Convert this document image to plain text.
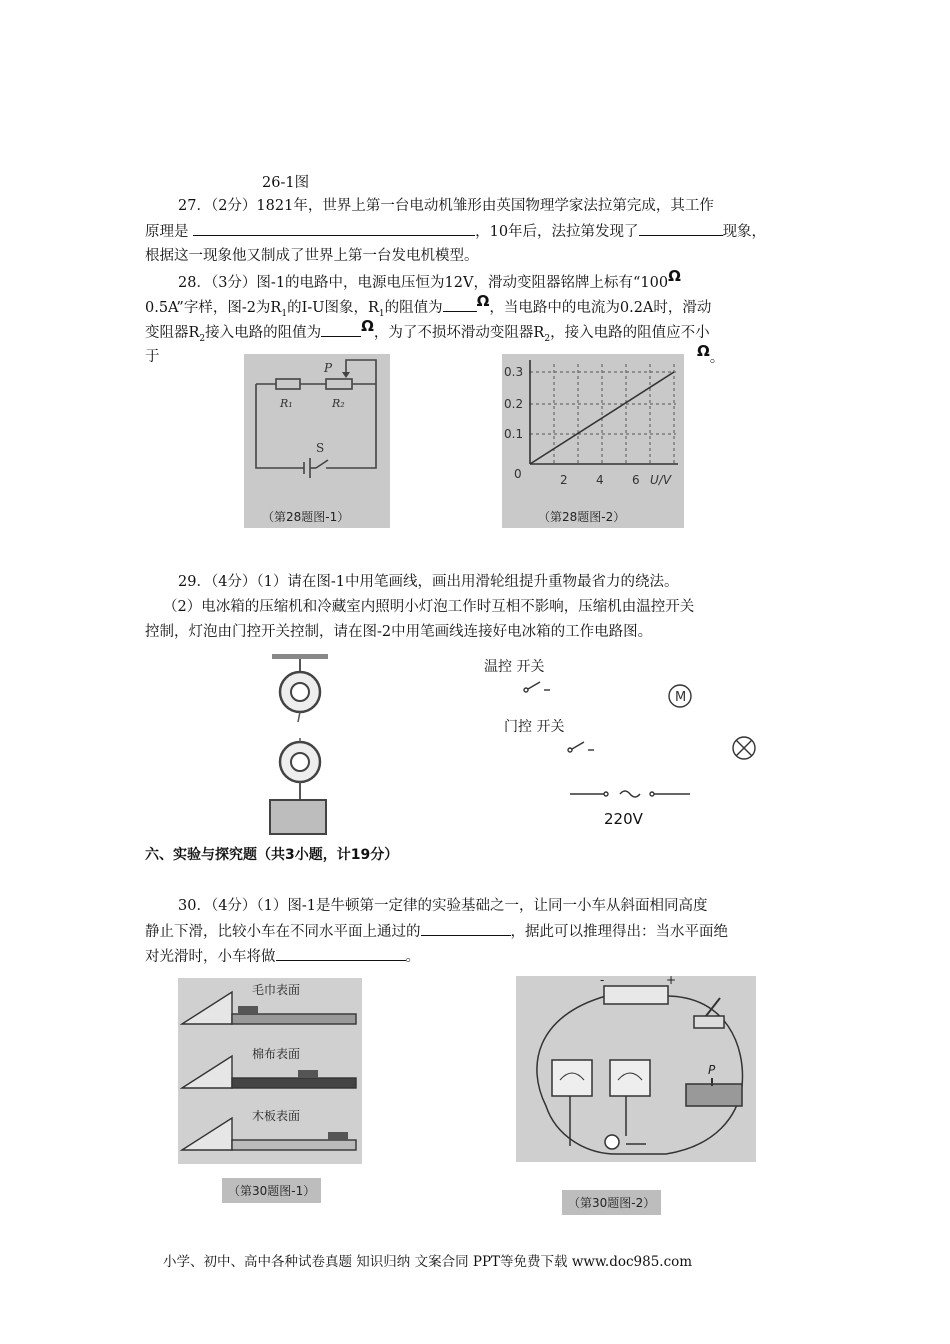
26-1图
27．（2分）1821年，世界上第一台电动机雏形由英国物理学家法拉第完成，其工作
原理是	，10年后，法拉第发现了	现象，
根据这一现象他又制成了世界上第一台发电机模型。
28．（3分）图-1的电路中，电源电压恒为12V，滑动变阻器铭牌上标有“100Ω
0.5A”字样，图-2为$R_1$的I-U图象，$R_1$的阻值为 Ω，当电路中的电流为0.2A时，滑动
变阻器$R_2$接入电路的阻值为	Ω，为了不损坏滑动变阻器$R_2$，接入电路的阻值应不小
于	Ω。
P
R₁	R₂
S
（第28题图-1）
0.3
0.2
0.1
0	2 4 6 U/V
（第28题图-2）
29．（4分）（1）请在图-1中用笔画线，画出用滑轮组提升重物最省力的绕法。
（2）电冰箱的压缩机和冷藏室内照明小灯泡工作时互相不影响，压缩机由温控开关
控制，灯泡由门控开关控制，请在图-2中用笔画线连接好电冰箱的工作电路图。
温控 开关
门控 开关
M
220V
六、实验与探究题（共3小题，计19分）
30．（4分）（1）图-1是牛顿第一定律的实验基础之一，让同一小车从斜面相同高度
静止下滑，比较小车在不同水平面上通过的	，据此可以推理得出：当水平面绝
对光滑时，小车将做	。
毛巾表面
棉布表面
木板表面
（第30题图-1）
-	+
P
（第30题图-2）
小学、初中、高中各种试卷真题 知识归纳 文案合同 PPT等免费下载 www.doc985.com
